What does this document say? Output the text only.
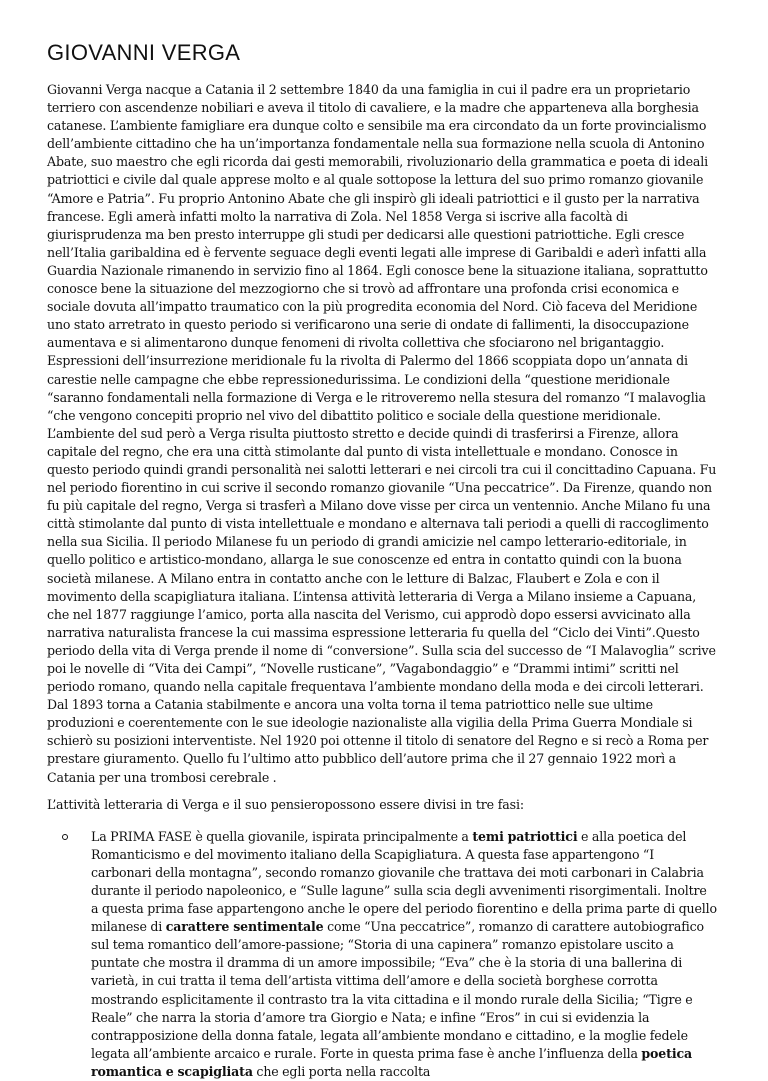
GIOVANNI VERGA

Giovanni Verga nacque a Catania il 2 settembre 1840 da una famiglia in cui il padre era un proprietario terriero con ascendenze nobiliari e aveva il titolo di cavaliere, e la madre che apparteneva alla borghesia catanese. L’ambiente famigliare era dunque colto e sensibile ma era circondato da un forte provincialismo dell’ambiente cittadino che ha un’importanza fondamentale nella sua formazione nella scuola di Antonino Abate, suo maestro che egli ricorda dai gesti memorabili, rivoluzionario della grammatica e poeta di ideali patriottici e civile dal quale apprese molto e al quale sottopose la lettura del suo primo romanzo giovanile “Amore e Patria”. Fu proprio Antonino Abate che gli inspirò gli ideali patriottici e il gusto per la narrativa francese. Egli amerà infatti molto la narrativa di Zola. Nel 1858 Verga si iscrive alla facoltà di giurisprudenza ma ben presto interruppe gli studi per dedicarsi alle questioni patriottiche. Egli cresce nell’Italia garibaldina ed è fervente seguace degli eventi legati alle imprese di Garibaldi e aderì infatti alla Guardia Nazionale rimanendo in servizio fino al 1864. Egli conosce bene la situazione italiana, soprattutto conosce bene la situazione del mezzogiorno che si trovò ad affrontare una profonda crisi economica e sociale dovuta all’impatto traumatico con la più progredita economia del Nord. Ciò faceva del Meridione uno stato arretrato in questo periodo si verificarono una serie di ondate di fallimenti, la disoccupazione aumentava e si alimentarono dunque fenomeni di rivolta collettiva che sfociarono nel brigantaggio. Espressioni dell’insurrezione meridionale fu la rivolta di Palermo del 1866 scoppiata dopo un’annata di carestie nelle campagne che ebbe repressionedurissima. Le condizioni della “questione meridionale “saranno fondamentali nella formazione di Verga e le ritroveremo nella stesura del romanzo “I malavoglia “che vengono concepiti proprio nel vivo del dibattito politico e sociale della questione meridionale. L’ambiente del sud però a Verga risulta piuttosto stretto e decide quindi di trasferirsi a Firenze, allora capitale del regno, che era una città stimolante dal punto di vista intellettuale e mondano. Conosce in questo periodo quindi grandi personalità nei salotti letterari e nei circoli tra cui il concittadino Capuana. Fu nel periodo fiorentino in cui scrive il secondo romanzo giovanile “Una peccatrice”. Da Firenze, quando non fu più capitale del regno, Verga si trasferì a Milano dove visse per circa un ventennio. Anche Milano fu una città stimolante dal punto di vista intellettuale e mondano e alternava tali periodi a quelli di raccoglimento nella sua Sicilia. Il periodo Milanese fu un periodo di grandi amicizie nel campo letterario-editoriale, in quello politico e artistico-mondano, allarga le sue conoscenze ed entra in contatto quindi con la buona società milanese. A Milano entra in contatto anche con le letture di Balzac, Flaubert e Zola e con il movimento della scapigliatura italiana. L’intensa attività letteraria di Verga a Milano insieme a Capuana, che nel 1877 raggiunge l’amico, porta alla nascita del Verismo, cui approdò dopo essersi avvicinato alla narrativa naturalista francese la cui massima espressione letteraria fu quella del “Ciclo dei Vinti”.Questo periodo della vita di Verga prende il nome di “conversione”. Sulla scia del successo de “I Malavoglia” scrive poi le novelle di “Vita dei Campi”, “Novelle rusticane”, ”Vagabondaggio” e “Drammi intimi” scritti nel periodo romano, quando nella capitale frequentava l’ambiente mondano della moda e dei circoli letterari. Dal 1893 torna a Catania stabilmente e ancora una volta torna il tema patriottico nelle sue ultime produzioni e coerentemente con le sue ideologie nazionaliste alla vigilia della Prima Guerra Mondiale si schierò su posizioni interventiste. Nel 1920 poi ottenne il titolo di senatore del Regno e si recò a Roma per prestare giuramento. Quello fu l’ultimo atto pubblico dell’autore prima che il 27 gennaio 1922 morì a Catania per una trombosi cerebrale .

L’attività letteraria di Verga e il suo pensieropossono essere divisi in tre fasi:

La PRIMA FASE è quella giovanile, ispirata principalmente a temi patriottici e alla poetica del Romanticismo e del movimento italiano della Scapigliatura. A questa fase appartengono “I carbonari della montagna”, secondo romanzo giovanile che trattava dei moti carbonari in Calabria durante il periodo napoleonico, e “Sulle lagune” sulla scia degli avvenimenti risorgimentali. Inoltre a questa prima fase appartengono anche le opere del periodo fiorentino e della prima parte di quello milanese di carattere sentimentale come “Una peccatrice”, romanzo di carattere autobiografico sul tema romantico dell’amore-passione; “Storia di una capinera” romanzo epistolare uscito a puntate che mostra il dramma di un amore impossibile; “Eva” che è la storia di una ballerina di varietà, in cui tratta il tema dell’artista vittima dell’amore e della società borghese corrotta mostrando esplicitamente il contrasto tra la vita cittadina e il mondo rurale della Sicilia; “Tigre e Reale” che narra la storia d’amore tra Giorgio e Nata; e infine “Eros” in cui si evidenzia la contrapposizione della donna fatale, legata all’ambiente mondano e cittadino, e la moglie fedele legata all’ambiente arcaico e rurale. Forte in questa prima fase è anche l’influenza della poetica romantica e scapigliata che egli porta nella raccolta
